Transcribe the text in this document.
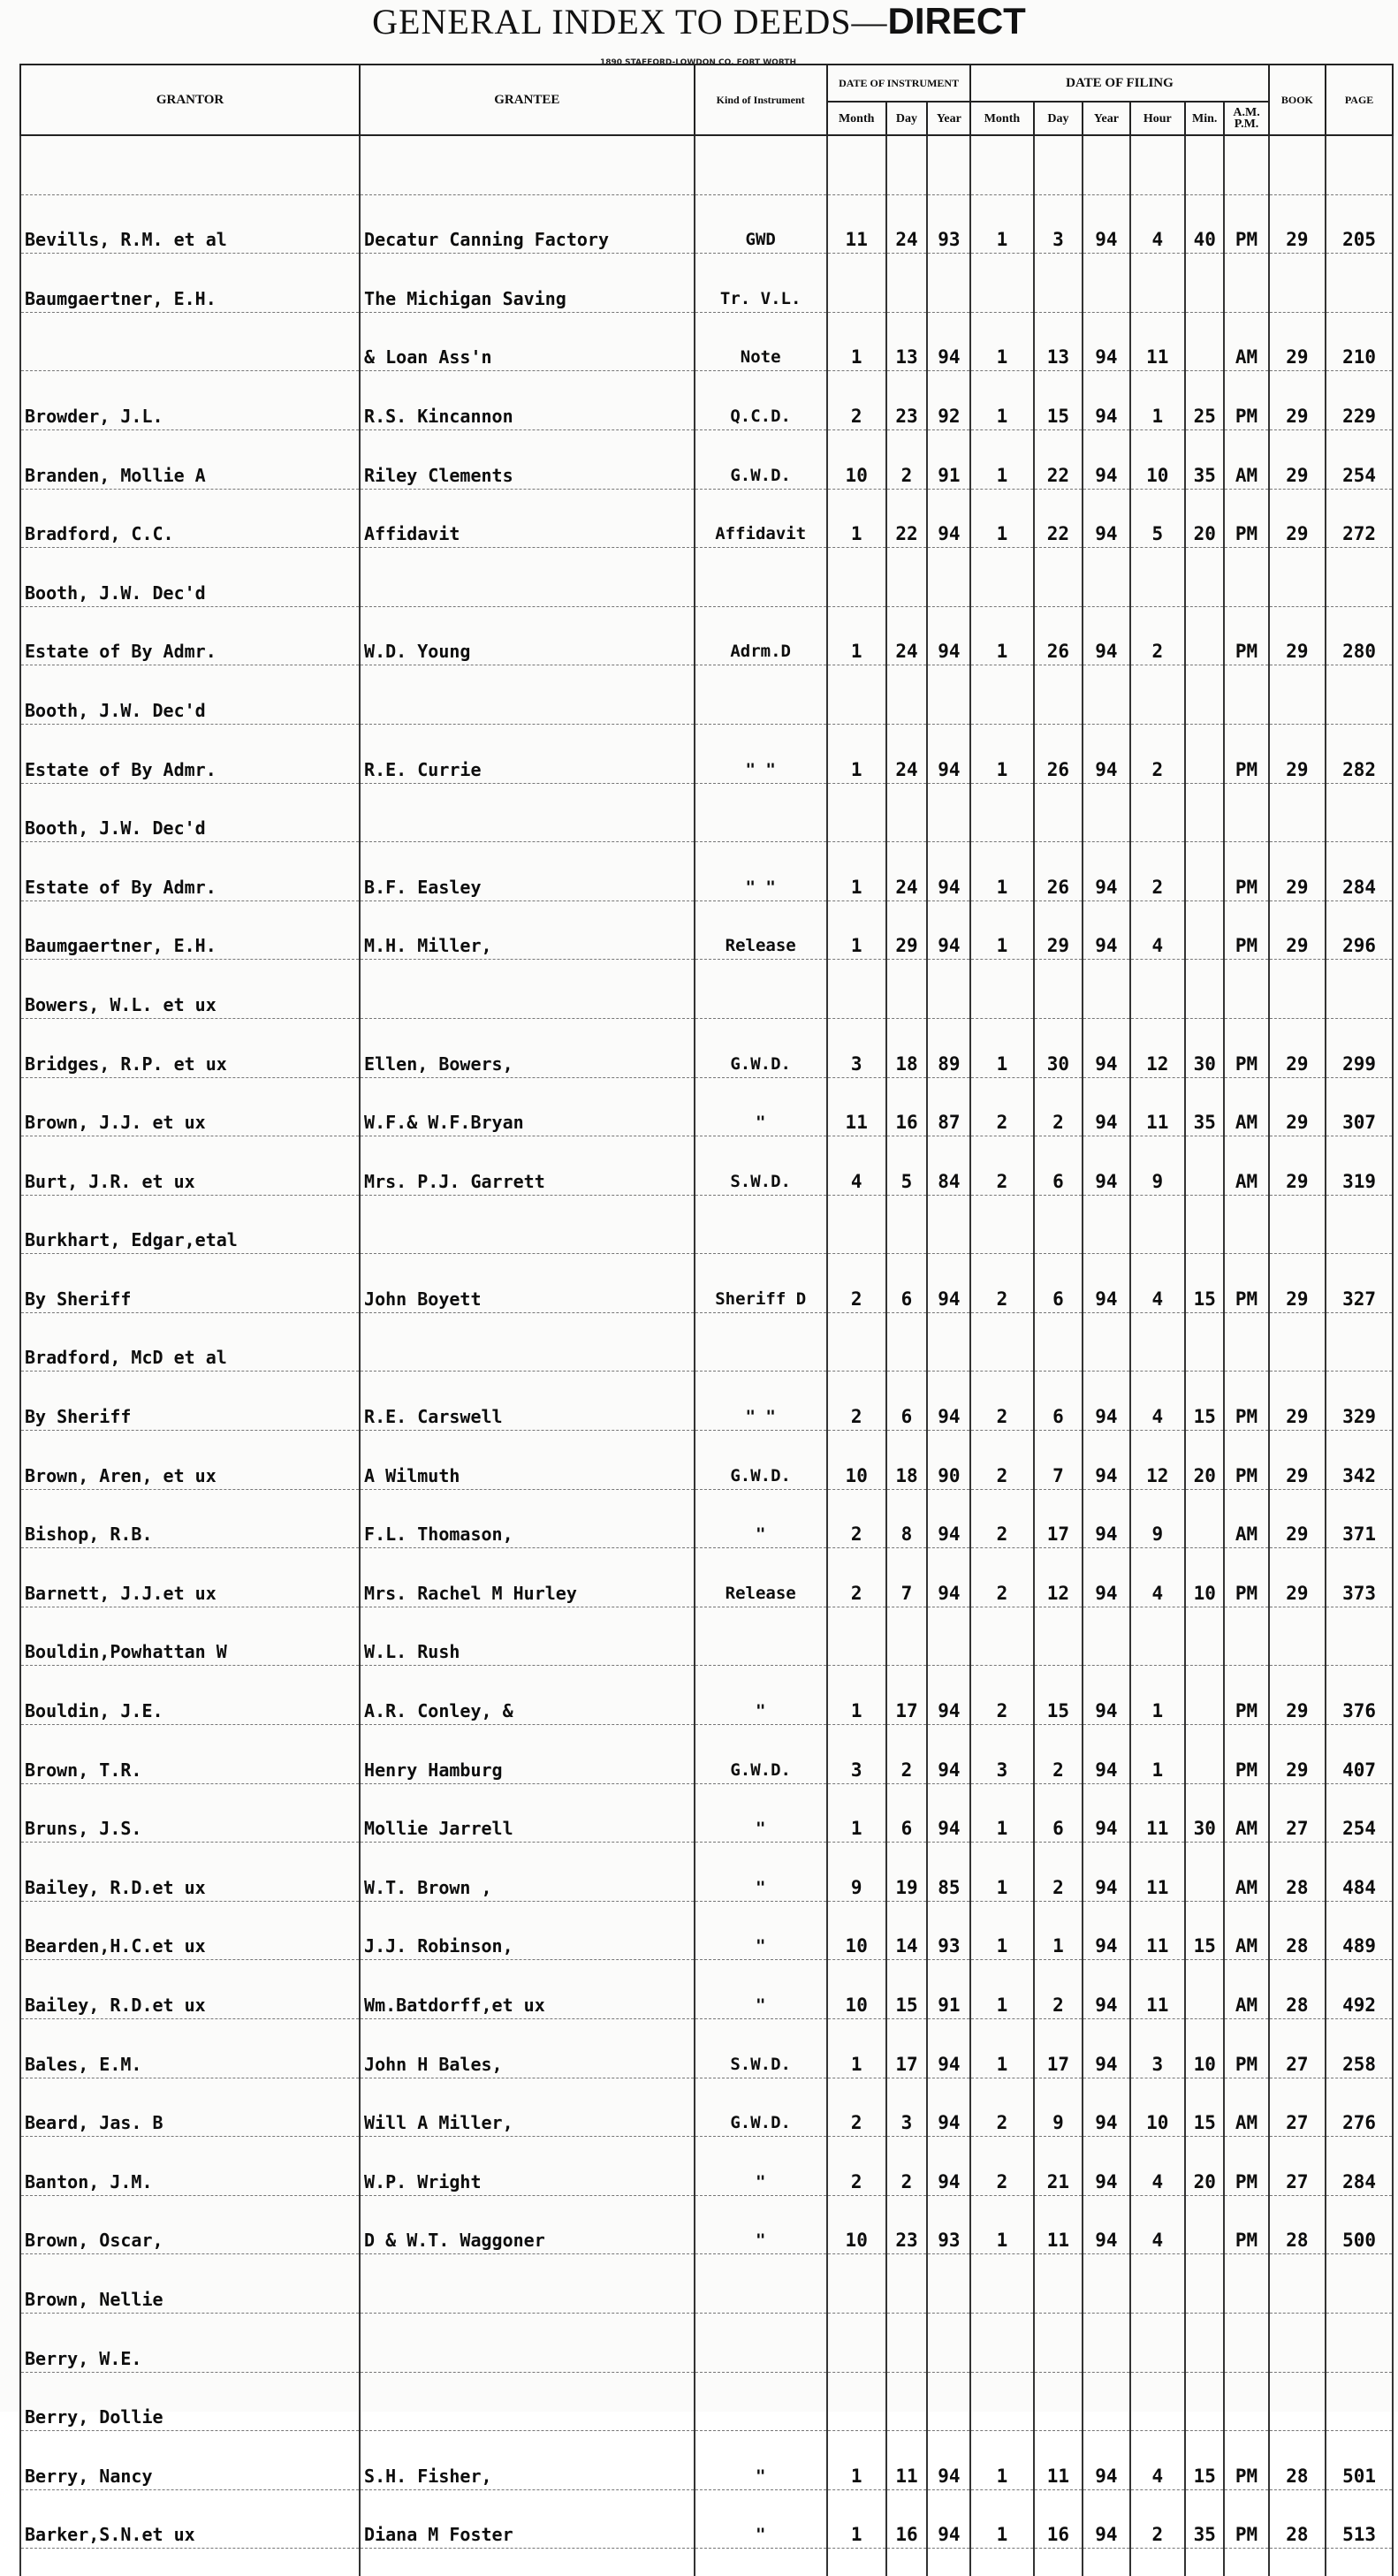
GENERAL INDEX TO DEEDS—DIRECT
1890 STAFFORD-LOWDON CO. FORT WORTH
GRANTOR	GRANTEE	Kind of Instrument	DATE OF INSTRUMENT			DATE OF FILING						BOOK	PAGE
			Month	Day	Year	Month	Day	Year	Hour	Min.	A.M. P.M.		

Bevills, R.M. et al	Decatur Canning Factory	GWD	11	24	93	1	3	94	4	40	PM	29	205
Baumgaertner, E.H.	The Michigan Saving	Tr. V.L.											
	& Loan Ass'n	Note	1	13	94	1	13	94	11		AM	29	210
Browder, J.L.	R.S. Kincannon	Q.C.D.	2	23	92	1	15	94	1	25	PM	29	229
Branden, Mollie A	Riley Clements	G.W.D.	10	2	91	1	22	94	10	35	AM	29	254
Bradford, C.C.	Affidavit	Affidavit	1	22	94	1	22	94	5	20	PM	29	272
Booth, J.W. Dec'd													
Estate of By Admr.	W.D. Young	Adrm.D	1	24	94	1	26	94	2		PM	29	280
Booth, J.W. Dec'd													
Estate of By Admr.	R.E. Currie	" "	1	24	94	1	26	94	2		PM	29	282
Booth, J.W. Dec'd													
Estate of By Admr.	B.F. Easley	" "	1	24	94	1	26	94	2		PM	29	284
Baumgaertner, E.H.	M.H. Miller,	Release	1	29	94	1	29	94	4		PM	29	296
Bowers, W.L. et ux													
Bridges, R.P. et ux	Ellen, Bowers,	G.W.D.	3	18	89	1	30	94	12	30	PM	29	299
Brown, J.J. et ux	W.F.& W.F.Bryan	"	11	16	87	2	2	94	11	35	AM	29	307
Burt, J.R. et ux	Mrs. P.J. Garrett	S.W.D.	4	5	84	2	6	94	9		AM	29	319
Burkhart, Edgar,etal													
By Sheriff	John Boyett	Sheriff D	2	6	94	2	6	94	4	15	PM	29	327
Bradford, McD et al													
By Sheriff	R.E. Carswell	" "	2	6	94	2	6	94	4	15	PM	29	329
Brown, Aren, et ux	A Wilmuth	G.W.D.	10	18	90	2	7	94	12	20	PM	29	342
Bishop, R.B.	F.L. Thomason,	"	2	8	94	2	17	94	9		AM	29	371
Barnett, J.J.et ux	Mrs. Rachel M Hurley	Release	2	7	94	2	12	94	4	10	PM	29	373
Bouldin,Powhattan W	W.L. Rush												
Bouldin, J.E.	A.R. Conley, &	"	1	17	94	2	15	94	1		PM	29	376
Brown, T.R.	Henry Hamburg	G.W.D.	3	2	94	3	2	94	1		PM	29	407
Bruns, J.S.	Mollie Jarrell	"	1	6	94	1	6	94	11	30	AM	27	254
Bailey, R.D.et ux	W.T. Brown ,	"	9	19	85	1	2	94	11		AM	28	484
Bearden,H.C.et ux	J.J. Robinson,	"	10	14	93	1	1	94	11	15	AM	28	489
Bailey, R.D.et ux	Wm.Batdorff,et ux	"	10	15	91	1	2	94	11		AM	28	492
Bales, E.M.	John H Bales,	S.W.D.	1	17	94	1	17	94	3	10	PM	27	258
Beard, Jas. B	Will A Miller,	G.W.D.	2	3	94	2	9	94	10	15	AM	27	276
Banton, J.M.	W.P. Wright	"	2	2	94	2	21	94	4	20	PM	27	284
Brown, Oscar,	D & W.T. Waggoner	"	10	23	93	1	11	94	4		PM	28	500
Brown, Nellie													
Berry, W.E.													
Berry, Dollie													
Berry, Nancy	S.H. Fisher,	"	1	11	94	1	11	94	4	15	PM	28	501
Barker,S.N.et ux	Diana M Foster	"	1	16	94	1	16	94	2	35	PM	28	513
